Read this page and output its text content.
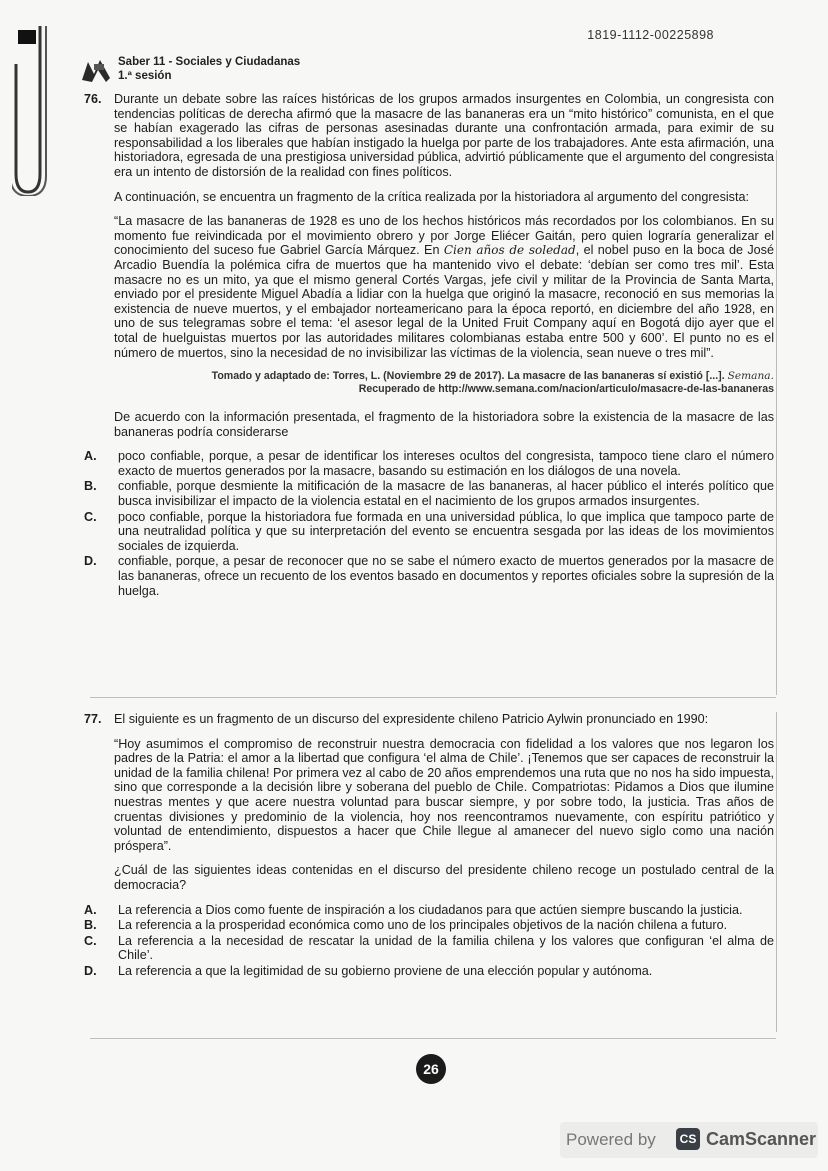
1819-1112-00225898
Saber 11 - Sociales y Ciudadanas
1.ª sesión
76. Durante un debate sobre las raíces históricas de los grupos armados insurgentes en Colombia, un congresista con tendencias políticas de derecha afirmó que la masacre de las bananeras era un “mito histórico” comunista, en el que se habían exagerado las cifras de personas asesinadas durante una confrontación armada, para eximir de su responsabilidad a los liberales que habían instigado la huelga por parte de los trabajadores. Ante esta afirmación, una historiadora, egresada de una prestigiosa universidad pública, advirtió públicamente que el argumento del congresista era un intento de distorsión de la realidad con fines políticos.

A continuación, se encuentra un fragmento de la crítica realizada por la historiadora al argumento del congresista:

“La masacre de las bananeras de 1928 es uno de los hechos históricos más recordados por los colombianos. En su momento fue reivindicada por el movimiento obrero y por Jorge Eliécer Gaitán, pero quien lograría generalizar el conocimiento del suceso fue Gabriel García Márquez. En Cien años de soledad, el nobel puso en la boca de José Arcadio Buendía la polémica cifra de muertos que ha mantenido vivo el debate: ‘debían ser como tres mil’. Esta masacre no es un mito, ya que el mismo general Cortés Vargas, jefe civil y militar de la Provincia de Santa Marta, enviado por el presidente Miguel Abadía a lidiar con la huelga que originó la masacre, reconoció en sus memorias la existencia de nueve muertos, y el embajador norteamericano para la época reportó, en diciembre del año 1928, en uno de sus telegramas sobre el tema: ‘el asesor legal de la United Fruit Company aquí en Bogotá dijo ayer que el total de huelguistas muertos por las autoridades militares colombianas estaba entre 500 y 600’. El punto no es el número de muertos, sino la necesidad de no invisibilizar las víctimas de la violencia, sean nueve o tres mil”.

Tomado y adaptado de: Torres, L. (Noviembre 29 de 2017). La masacre de las bananeras sí existió [...]. Semana.
Recuperado de http://www.semana.com/nacion/articulo/masacre-de-las-bananeras

De acuerdo con la información presentada, el fragmento de la historiadora sobre la existencia de la masacre de las bananeras podría considerarse

A. poco confiable, porque, a pesar de identificar los intereses ocultos del congresista, tampoco tiene claro el número exacto de muertos generados por la masacre, basando su estimación en los diálogos de una novela.
B. confiable, porque desmiente la mitificación de la masacre de las bananeras, al hacer público el interés político que busca invisibilizar el impacto de la violencia estatal en el nacimiento de los grupos armados insurgentes.
C. poco confiable, porque la historiadora fue formada en una universidad pública, lo que implica que tampoco parte de una neutralidad política y que su interpretación del evento se encuentra sesgada por las ideas de los movimientos sociales de izquierda.
D. confiable, porque, a pesar de reconocer que no se sabe el número exacto de muertos generados por la masacre de las bananeras, ofrece un recuento de los eventos basado en documentos y reportes oficiales sobre la supresión de la huelga.
77. El siguiente es un fragmento de un discurso del expresidente chileno Patricio Aylwin pronunciado en 1990:

“Hoy asumimos el compromiso de reconstruir nuestra democracia con fidelidad a los valores que nos legaron los padres de la Patria: el amor a la libertad que configura ‘el alma de Chile’. ¡Tenemos que ser capaces de reconstruir la unidad de la familia chilena! Por primera vez al cabo de 20 años emprendemos una ruta que no nos ha sido impuesta, sino que corresponde a la decisión libre y soberana del pueblo de Chile. Compatriotas: Pidamos a Dios que ilumine nuestras mentes y que acere nuestra voluntad para buscar siempre, y por sobre todo, la justicia. Tras años de cruentas divisiones y predominio de la violencia, hoy nos reencontramos nuevamente, con espíritu patriótico y voluntad de entendimiento, dispuestos a hacer que Chile llegue al amanecer del nuevo siglo como una nación próspera”.

¿Cuál de las siguientes ideas contenidas en el discurso del presidente chileno recoge un postulado central de la democracia?

A. La referencia a Dios como fuente de inspiración a los ciudadanos para que actúen siempre buscando la justicia.
B. La referencia a la prosperidad económica como uno de los principales objetivos de la nación chilena a futuro.
C. La referencia a la necesidad de rescatar la unidad de la familia chilena y los valores que configuran ‘el alma de Chile’.
D. La referencia a que la legitimidad de su gobierno proviene de una elección popular y autónoma.
26
Powered by	CS CamScanner
